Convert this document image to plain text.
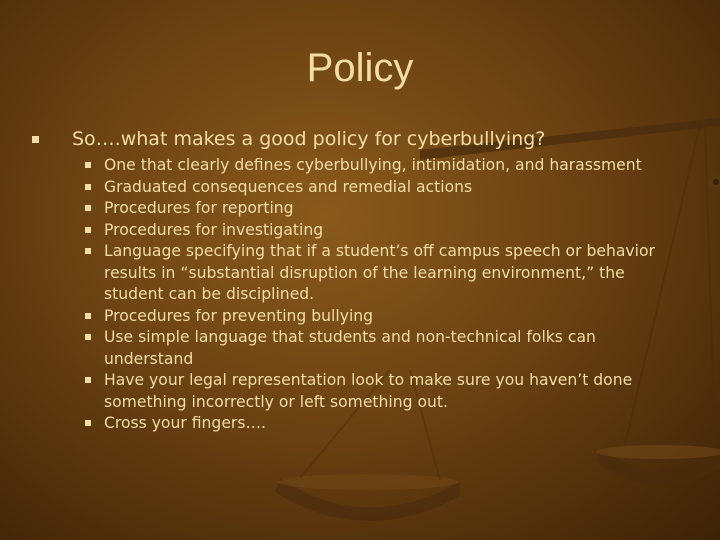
Policy
So….what makes a good policy for cyberbullying?
One that clearly defines cyberbullying, intimidation, and harassment
Graduated consequences and remedial actions
Procedures for reporting
Procedures for investigating
Language specifying that if a student’s off campus speech or behavior results in “substantial disruption of the learning environment,” the student can be disciplined.
Procedures for preventing bullying
Use simple language that students and non-technical folks can understand
Have your legal representation look to make sure you haven’t done something incorrectly or left something out.
Cross your fingers….
